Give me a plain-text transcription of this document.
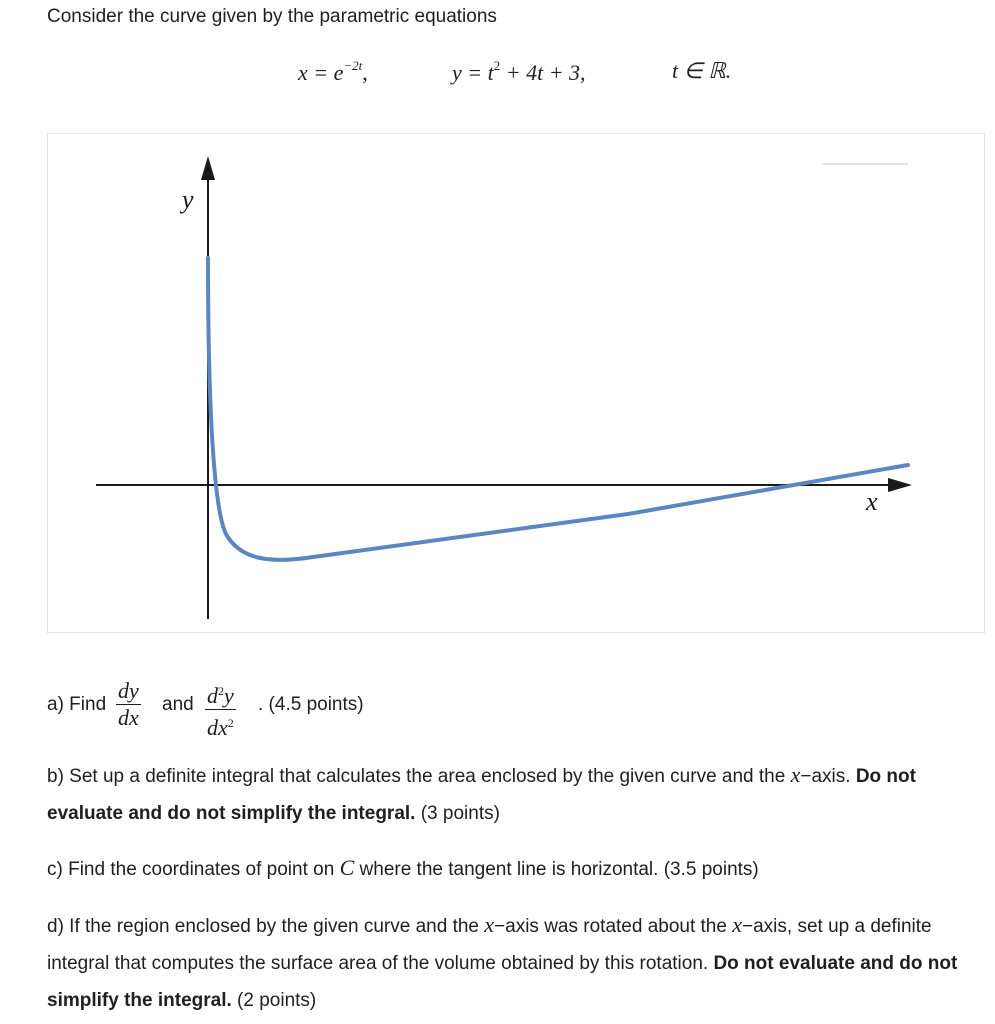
Consider the curve given by the parametric equations
$x = e^{-2t}$,	$y = t^2 + 4t + 3$,	t ∈ ℝ.
y
x
a) Find $\frac{dy}{dx}$ and $\frac{d^2y}{dx^2}$ . (4.5 points)
b) Set up a definite integral that calculates the area enclosed by the given curve and the x−axis. Do not evaluate and do not simplify the integral. (3 points)
c) Find the coordinates of point on C where the tangent line is horizontal. (3.5 points)
d) If the region enclosed by the given curve and the x−axis was rotated about the x−axis, set up a definite integral that computes the surface area of the volume obtained by this rotation. Do not evaluate and do not simplify the integral. (2 points)
